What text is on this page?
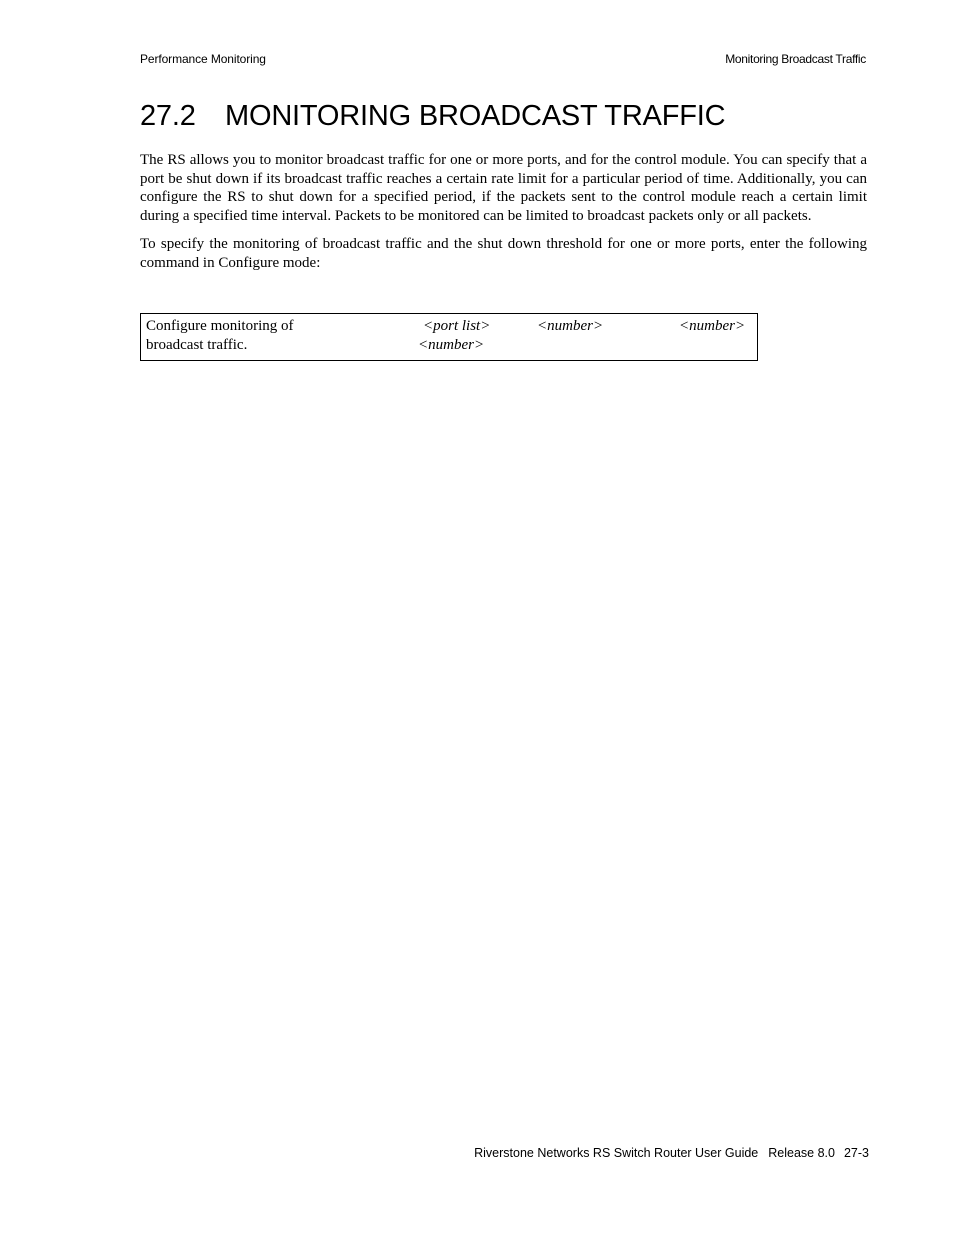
Performance Monitoring	Monitoring Broadcast Traffic
27.2 MONITORING BROADCAST TRAFFIC

The RS allows you to monitor broadcast traffic for one or more ports, and for the control module. You can specify that a port be shut down if its broadcast traffic reaches a certain rate limit for a particular period of time. Additionally, you can configure the RS to shut down for a specified period, if the packets sent to the control module reach a certain limit during a specified time interval. Packets to be monitored can be limited to broadcast packets only or all packets.

To specify the monitoring of broadcast traffic and the shut down threshold for one or more ports, enter the following command in Configure mode:

Configure monitoring of
broadcast traffic.
<port list>	<number>	<number>
<number>
Riverstone Networks RS Switch Router User Guide Release 8.0 27-3
